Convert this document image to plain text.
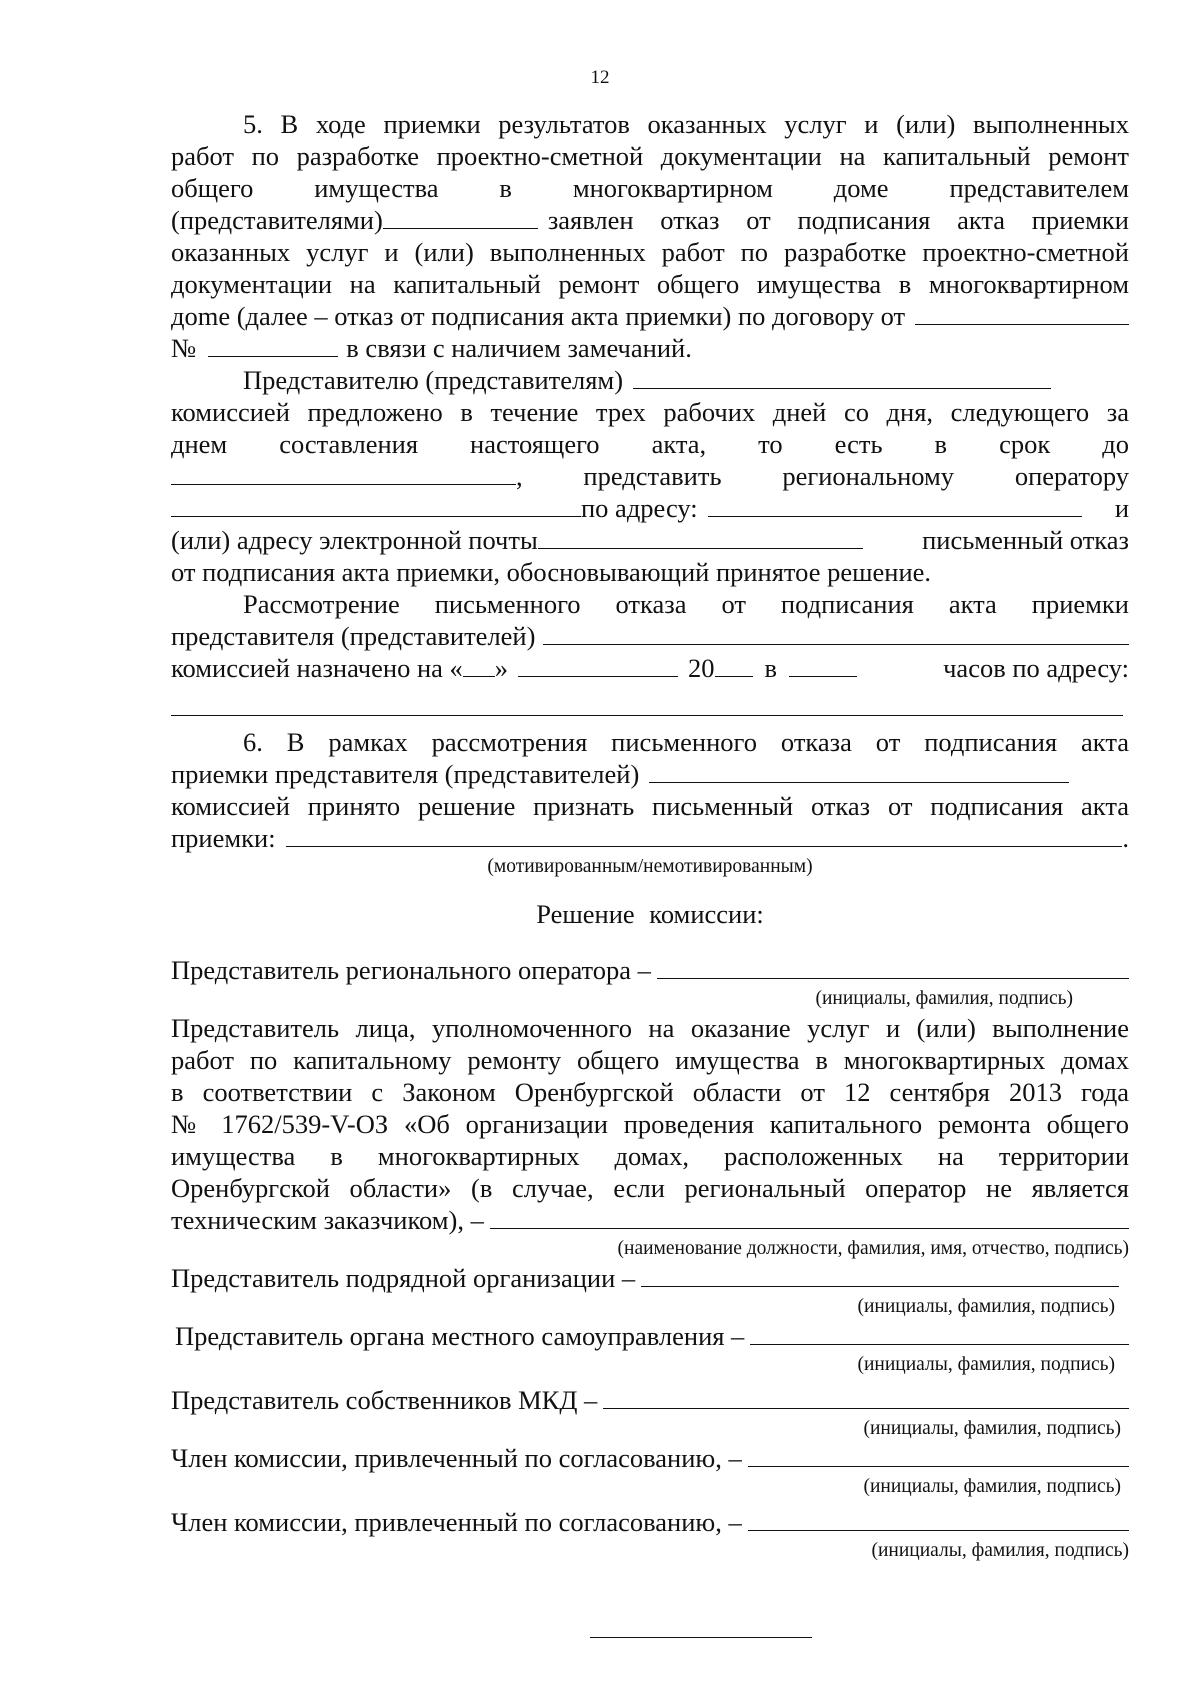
12

5. В ходе приемки результатов оказанных услуг и (или) выполненных

работ по разработке проектно-сметной документации на капитальный ремонт

общего имущества в многоквартирном доме представителем

(представителями)	заявлен отказ от подписания акта приемки

оказанных услуг и (или) выполненных работ по разработке проектно-сметной

документации на капитальный ремонт общего имущества в многоквартирном

дome (далее – отказ от подписания акта приемки) по договору от
№	в связи с наличием замечаний.
Представителю (представителям)

комиссией предложено в течение трех рабочих дней со дня, следующего за

днем составления настоящего акта, то есть в срок до

, представить региональному оператору
по адресу:	и
(или) адресу электронной почты	письменный отказ

от подписания акта приемки, обосновывающий принятое решение.

Рассмотрение письменного отказа от подписания акта приемки

представителя (представителей)
комиссией назначено на « »	20 в	часов по адресу:

6. В рамках рассмотрения письменного отказа от подписания акта

приемки представителя (представителей)

комиссией принято решение признать письменный отказ от подписания акта

приемки:	.
(мотивированным/немотивированным)
Решение комиссии:
Представитель регионального оператора –
(инициалы, фамилия, подпись)

Представитель лица, уполномоченного на оказание услуг и (или) выполнение

работ по капитальному ремонту общего имущества в многоквартирных домах

в соответствии с Законом Оренбургской области от 12 сентября 2013 года

№ 1762/539-V-ОЗ «Об организации проведения капитального ремонта общего

имущества в многоквартирных домах, расположенных на территории

Оренбургской области» (в случае, если региональный оператор не является

техническим заказчиком), –
(наименование должности, фамилия, имя, отчество, подпись)
Представитель подрядной организации –
(инициалы, фамилия, подпись)
Представитель органа местного самоуправления –
(инициалы, фамилия, подпись)
Представитель собственников МКД –
(инициалы, фамилия, подпись)
Член комиссии, привлеченный по согласованию, –
(инициалы, фамилия, подпись)
Член комиссии, привлеченный по согласованию, –
(инициалы, фамилия, подпись)
